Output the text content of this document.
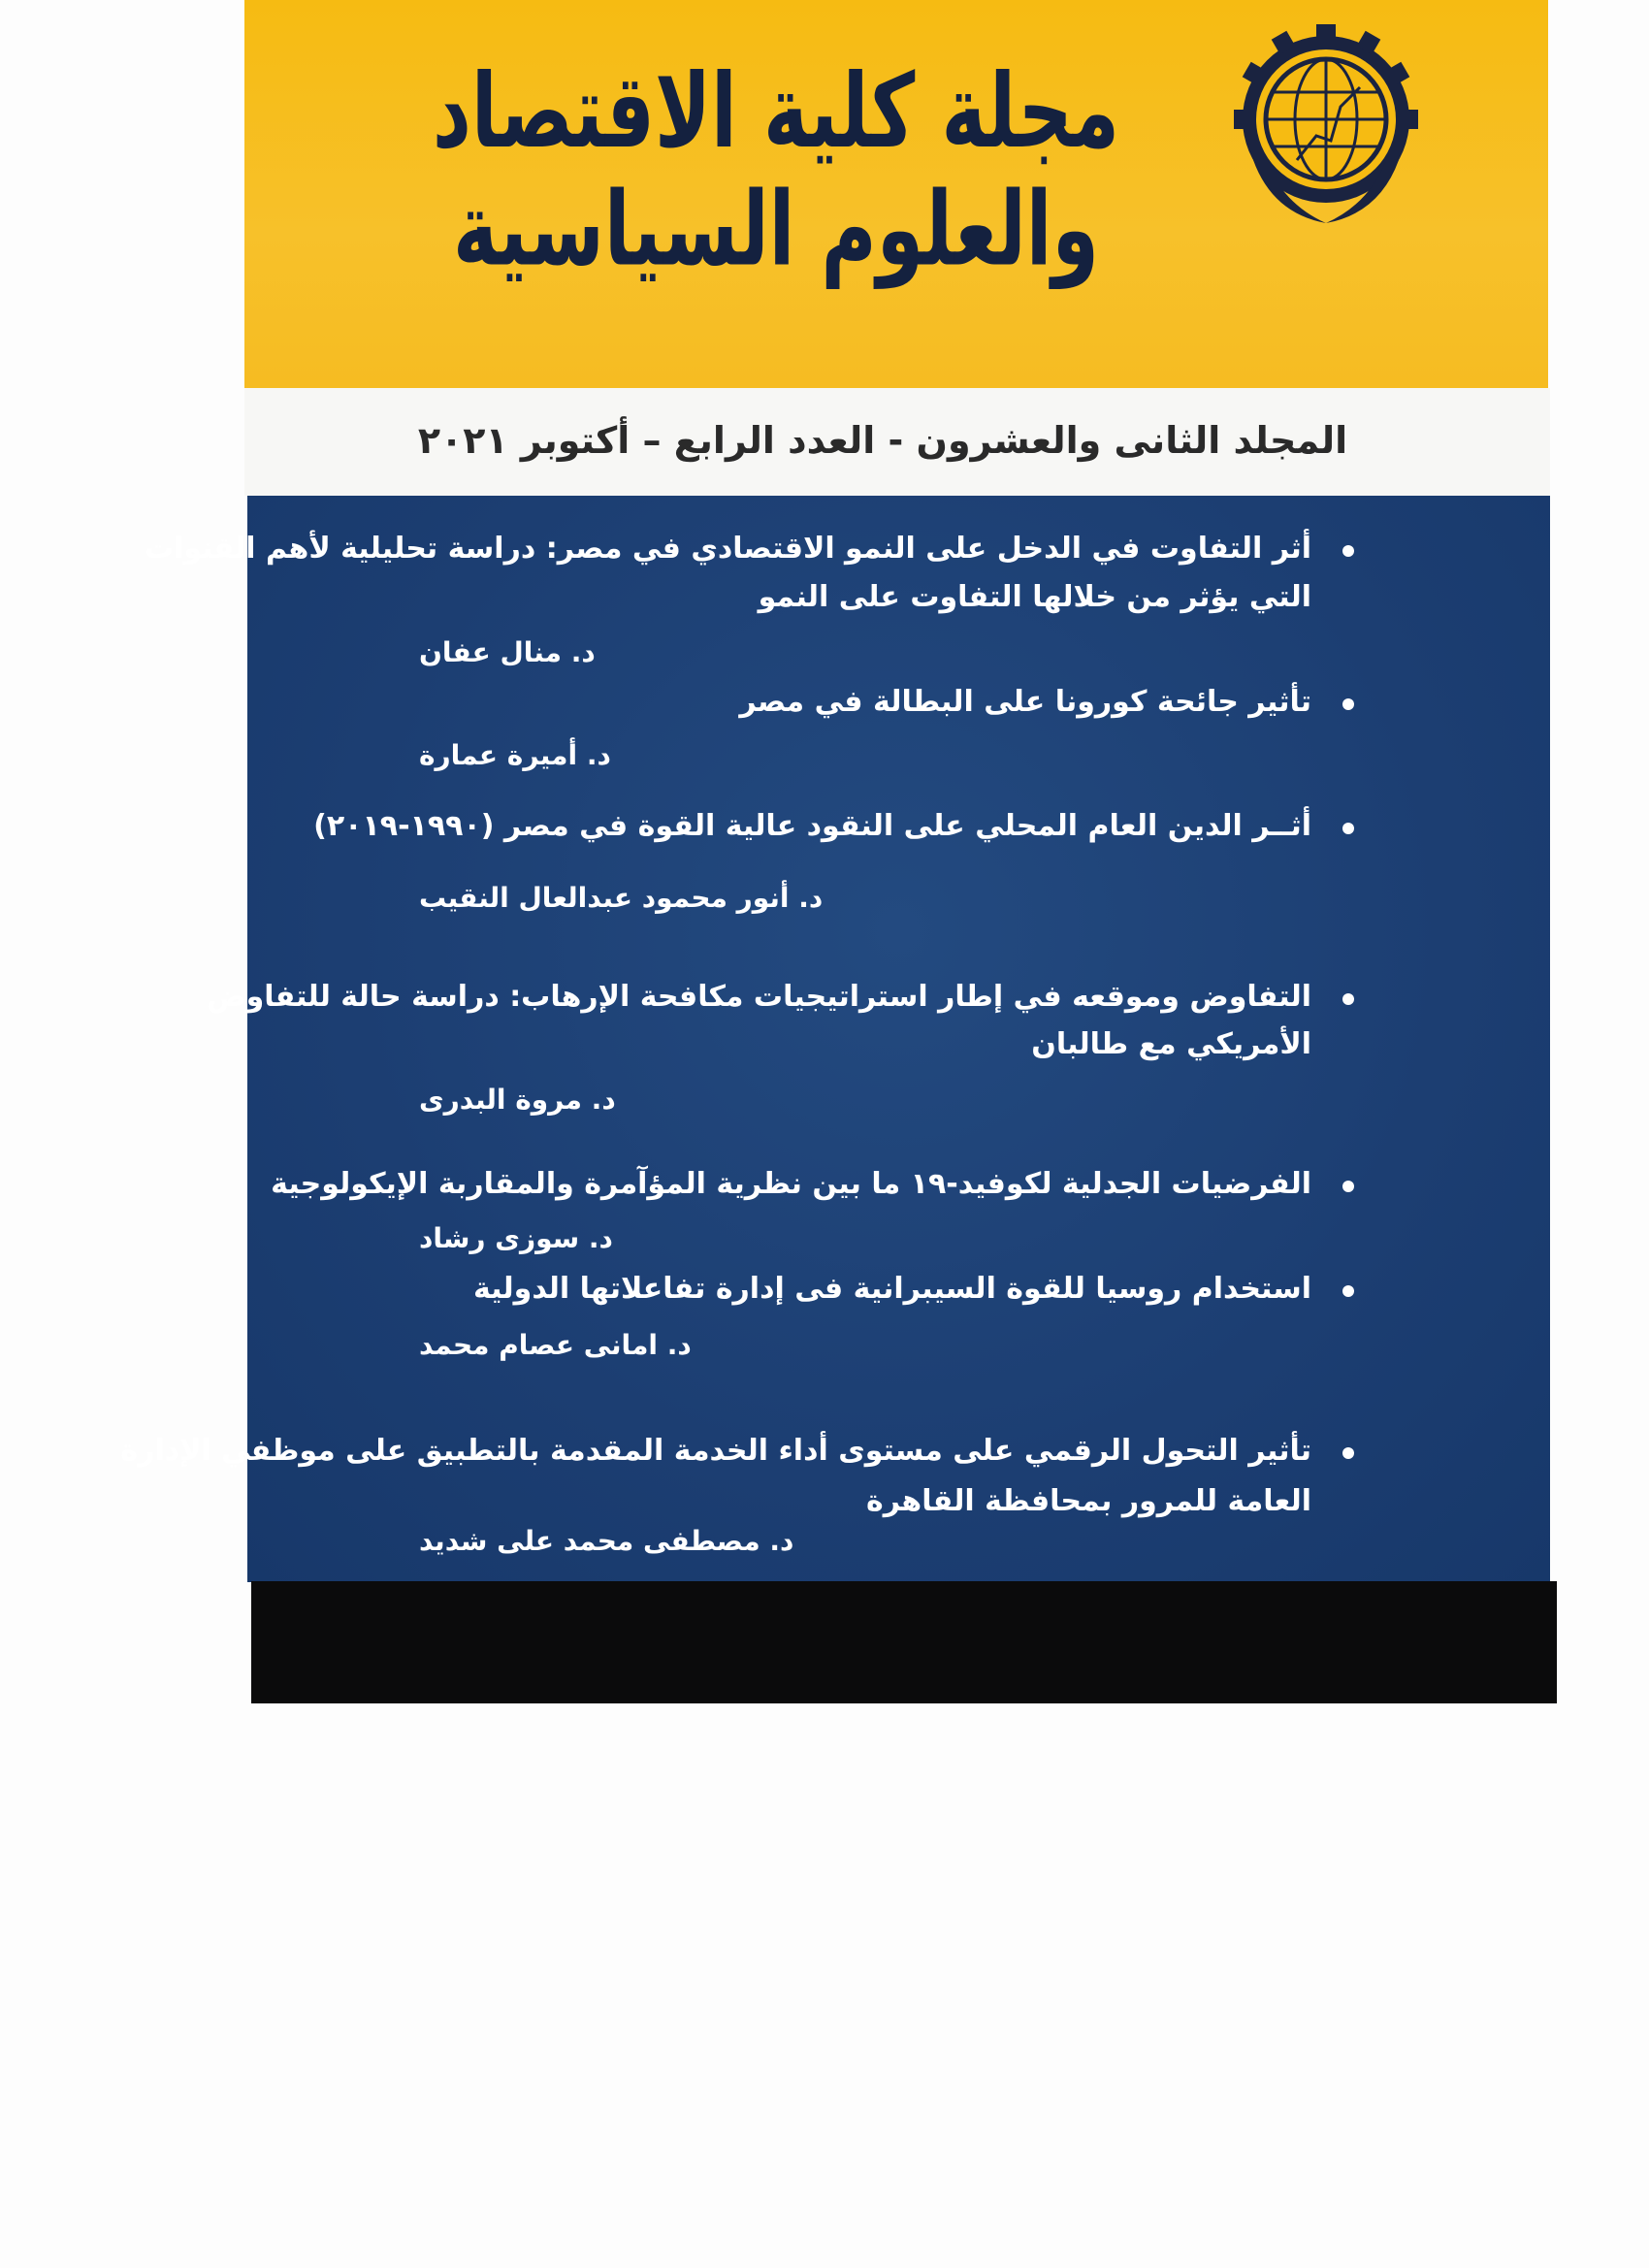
مجلة كلية الاقتصاد والعلوم السياسية
المجلد الثانى والعشرون - العدد الرابع – أكتوبر ٢٠٢١
أثر التفاوت في الدخل على النمو الاقتصادي في مصر: دراسة تحليلية لأهم القنوات
التي يؤثر من خلالها التفاوت على النمو
د. منال عفان
تأثير جائحة كورونا على البطالة في مصر
د. أميرة عمارة
أثــر الدين العام المحلي على النقود عالية القوة في مصر (١٩٩٠-٢٠١٩)
د. أنور محمود عبدالعال النقيب
التفاوض وموقعه في إطار استراتيجيات مكافحة الإرهاب: دراسة حالة للتفاوض
الأمريكي مع طالبان
د. مروة البدرى
الفرضيات الجدلية لكوفيد-١٩ ما بين نظرية المؤآمرة والمقاربة الإيكولوجية
د. سوزى رشاد
استخدام روسيا للقوة السيبرانية فى إدارة تفاعلاتها الدولية
د. امانى عصام محمد
تأثير التحول الرقمي على مستوى أداء الخدمة المقدمة بالتطبيق على موظفي الإدارة
العامة للمرور بمحافظة القاهرة
د. مصطفى محمد على شديد
